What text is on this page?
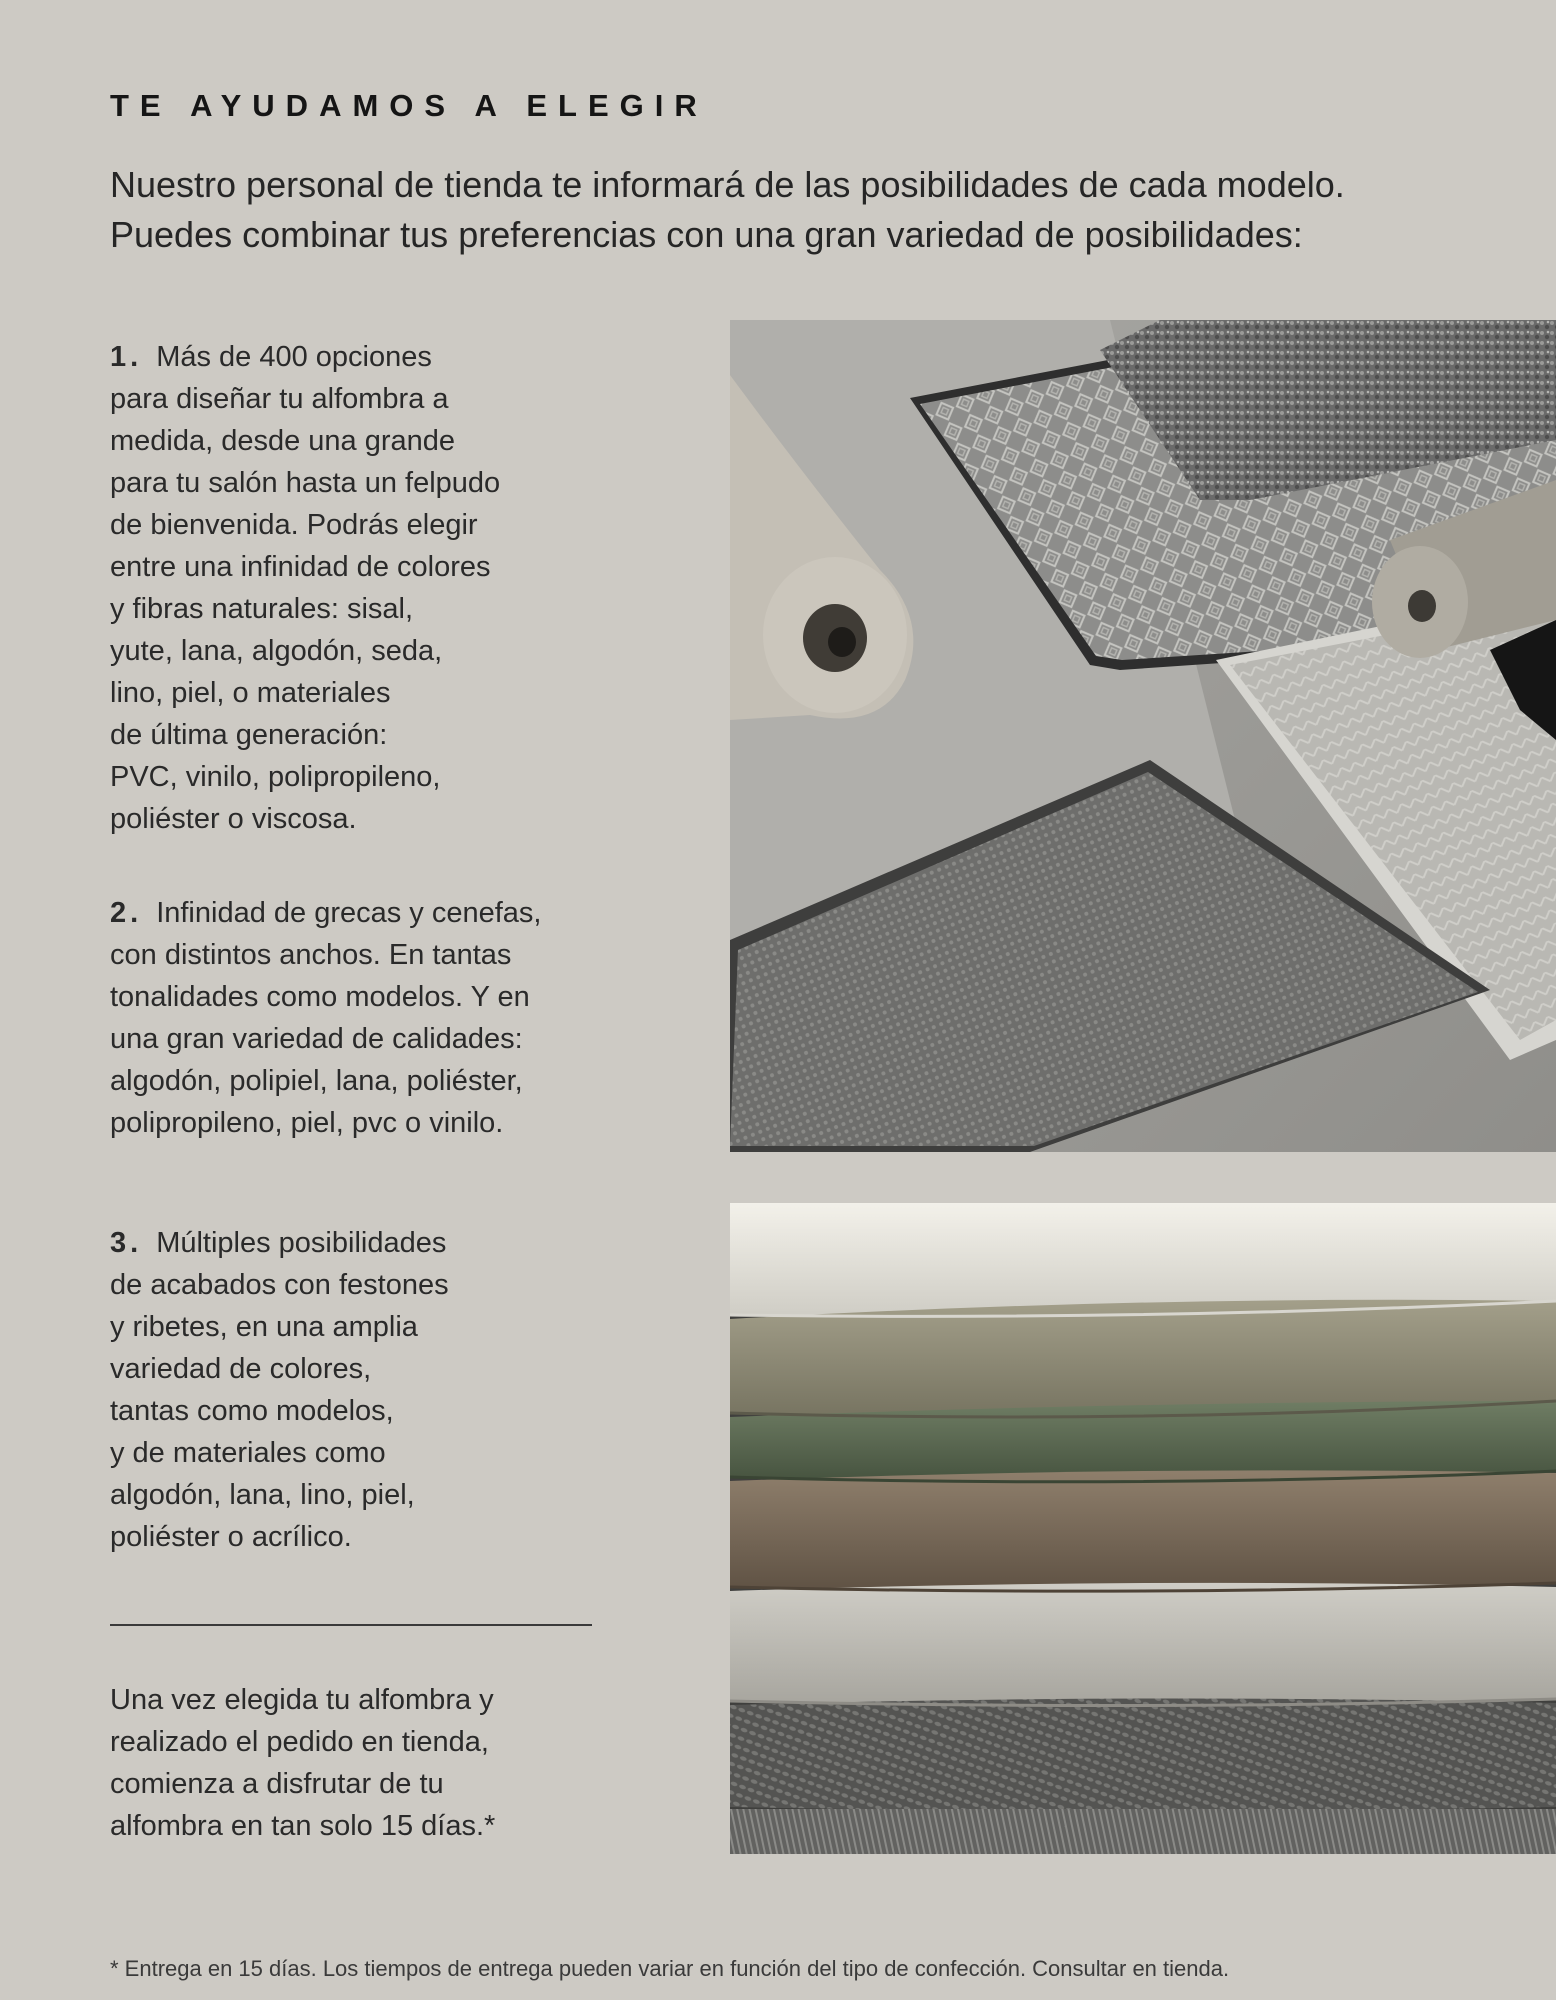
TE AYUDAMOS A ELEGIR
Nuestro personal de tienda te informará de las posibilidades de cada modelo.
Puedes combinar tus preferencias con una gran variedad de posibilidades:
1. Más de 400 opciones
para diseñar tu alfombra a
medida, desde una grande
para tu salón hasta un felpudo
de bienvenida. Podrás elegir
entre una infinidad de colores
y fibras naturales: sisal,
yute, lana, algodón, seda,
lino, piel, o materiales
de última generación:
PVC, vinilo, polipropileno,
poliéster o viscosa.
2. Infinidad de grecas y cenefas,
con distintos anchos. En tantas
tonalidades como modelos. Y en
una gran variedad de calidades:
algodón, polipiel, lana, poliéster,
polipropileno, piel, pvc o vinilo.
3. Múltiples posibilidades
de acabados con festones
y ribetes, en una amplia
variedad de colores,
tantas como modelos,
y de materiales como
algodón, lana, lino, piel,
poliéster o acrílico.
Una vez elegida tu alfombra y
realizado el pedido en tienda,
comienza a disfrutar de tu
alfombra en tan solo 15 días.*
* Entrega en 15 días. Los tiempos de entrega pueden variar en función del tipo de confección. Consultar en tienda.
